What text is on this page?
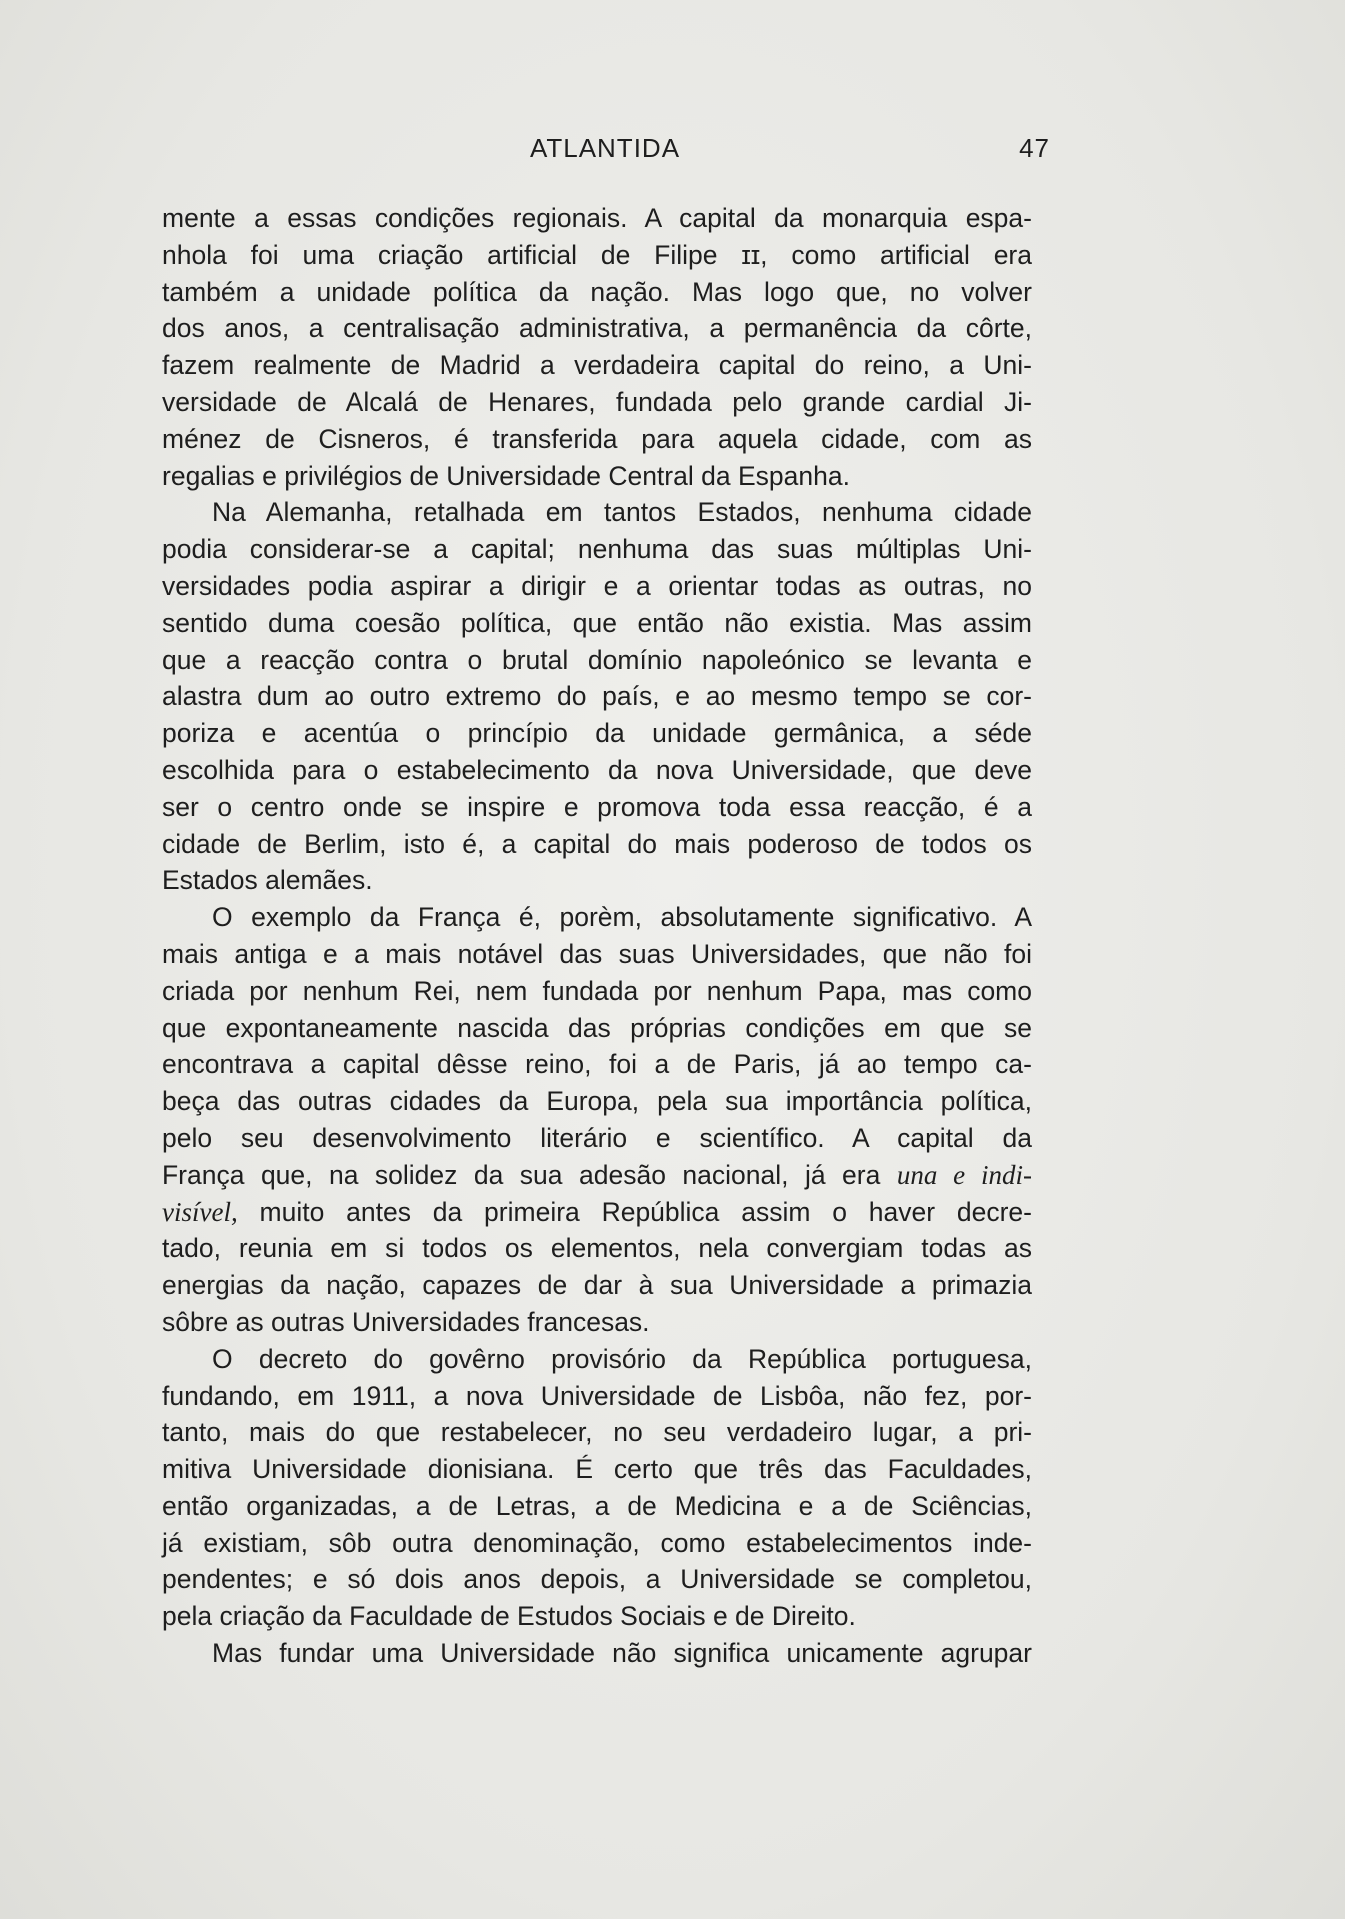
ATLANTIDA	47
mente a essas condições regionais. A capital da monarquia espa-
nhola foi uma criação artificial de Filipe ɪɪ, como artificial era
também a unidade política da nação. Mas logo que, no volver
dos anos, a centralisação administrativa, a permanência da côrte,
fazem realmente de Madrid a verdadeira capital do reino, a Uni-
versidade de Alcalá de Henares, fundada pelo grande cardial Ji-
ménez de Cisneros, é transferida para aquela cidade, com as
regalias e privilégios de Universidade Central da Espanha.
Na Alemanha, retalhada em tantos Estados, nenhuma cidade
podia considerar-se a capital; nenhuma das suas múltiplas Uni-
versidades podia aspirar a dirigir e a orientar todas as outras, no
sentido duma coesão política, que então não existia. Mas assim
que a reacção contra o brutal domínio napoleónico se levanta e
alastra dum ao outro extremo do país, e ao mesmo tempo se cor-
poriza e acentúa o princípio da unidade germânica, a séde
escolhida para o estabelecimento da nova Universidade, que deve
ser o centro onde se inspire e promova toda essa reacção, é a
cidade de Berlim, isto é, a capital do mais poderoso de todos os
Estados alemães.
O exemplo da França é, porèm, absolutamente significativo. A
mais antiga e a mais notável das suas Universidades, que não foi
criada por nenhum Rei, nem fundada por nenhum Papa, mas como
que expontaneamente nascida das próprias condições em que se
encontrava a capital dêsse reino, foi a de Paris, já ao tempo ca-
beça das outras cidades da Europa, pela sua importância política,
pelo seu desenvolvimento literário e scientífico. A capital da
França que, na solidez da sua adesão nacional, já era una e indi-
visível, muito antes da primeira República assim o haver decre-
tado, reunia em si todos os elementos, nela convergiam todas as
energias da nação, capazes de dar à sua Universidade a primazia
sôbre as outras Universidades francesas.
O decreto do govêrno provisório da República portuguesa,
fundando, em 1911, a nova Universidade de Lisbôa, não fez, por-
tanto, mais do que restabelecer, no seu verdadeiro lugar, a pri-
mitiva Universidade dionisiana. É certo que três das Faculdades,
então organizadas, a de Letras, a de Medicina e a de Sciências,
já existiam, sôb outra denominação, como estabelecimentos inde-
pendentes; e só dois anos depois, a Universidade se completou,
pela criação da Faculdade de Estudos Sociais e de Direito.
Mas fundar uma Universidade não significa unicamente agrupar
